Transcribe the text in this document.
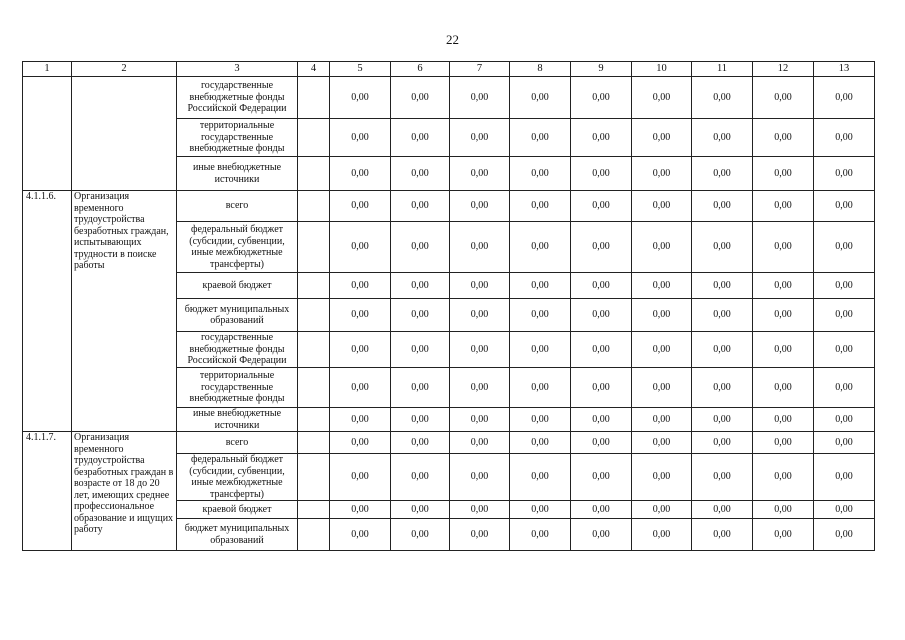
22
1	2	3	4	5	6	7	8	9	10	11	12	13
		государственные внебюджетные фонды Российской Федерации		0,00	0,00	0,00	0,00	0,00	0,00	0,00	0,00	0,00
		территориальные государственные внебюджетные фонды		0,00	0,00	0,00	0,00	0,00	0,00	0,00	0,00	0,00
		иные внебюджетные источники		0,00	0,00	0,00	0,00	0,00	0,00	0,00	0,00	0,00
4.1.1.6.	Организация временного трудоустройства безработных граждан, испытывающих трудности в поиске работы	всего		0,00	0,00	0,00	0,00	0,00	0,00	0,00	0,00	0,00
		федеральный бюджет (субсидии, субвенции, иные межбюджетные трансферты)		0,00	0,00	0,00	0,00	0,00	0,00	0,00	0,00	0,00
		краевой бюджет		0,00	0,00	0,00	0,00	0,00	0,00	0,00	0,00	0,00
		бюджет муниципальных образований		0,00	0,00	0,00	0,00	0,00	0,00	0,00	0,00	0,00
		государственные внебюджетные фонды Российской Федерации		0,00	0,00	0,00	0,00	0,00	0,00	0,00	0,00	0,00
		территориальные государственные внебюджетные фонды		0,00	0,00	0,00	0,00	0,00	0,00	0,00	0,00	0,00
		иные внебюджетные источники		0,00	0,00	0,00	0,00	0,00	0,00	0,00	0,00	0,00
4.1.1.7.	Организация временного трудоустройства безработных граждан в возрасте от 18 до 20 лет, имеющих среднее профессиональное образование и ищущих работу	всего		0,00	0,00	0,00	0,00	0,00	0,00	0,00	0,00	0,00
		федеральный бюджет (субсидии, субвенции, иные межбюджетные трансферты)		0,00	0,00	0,00	0,00	0,00	0,00	0,00	0,00	0,00
		краевой бюджет		0,00	0,00	0,00	0,00	0,00	0,00	0,00	0,00	0,00
		бюджет муниципальных образований		0,00	0,00	0,00	0,00	0,00	0,00	0,00	0,00	0,00
